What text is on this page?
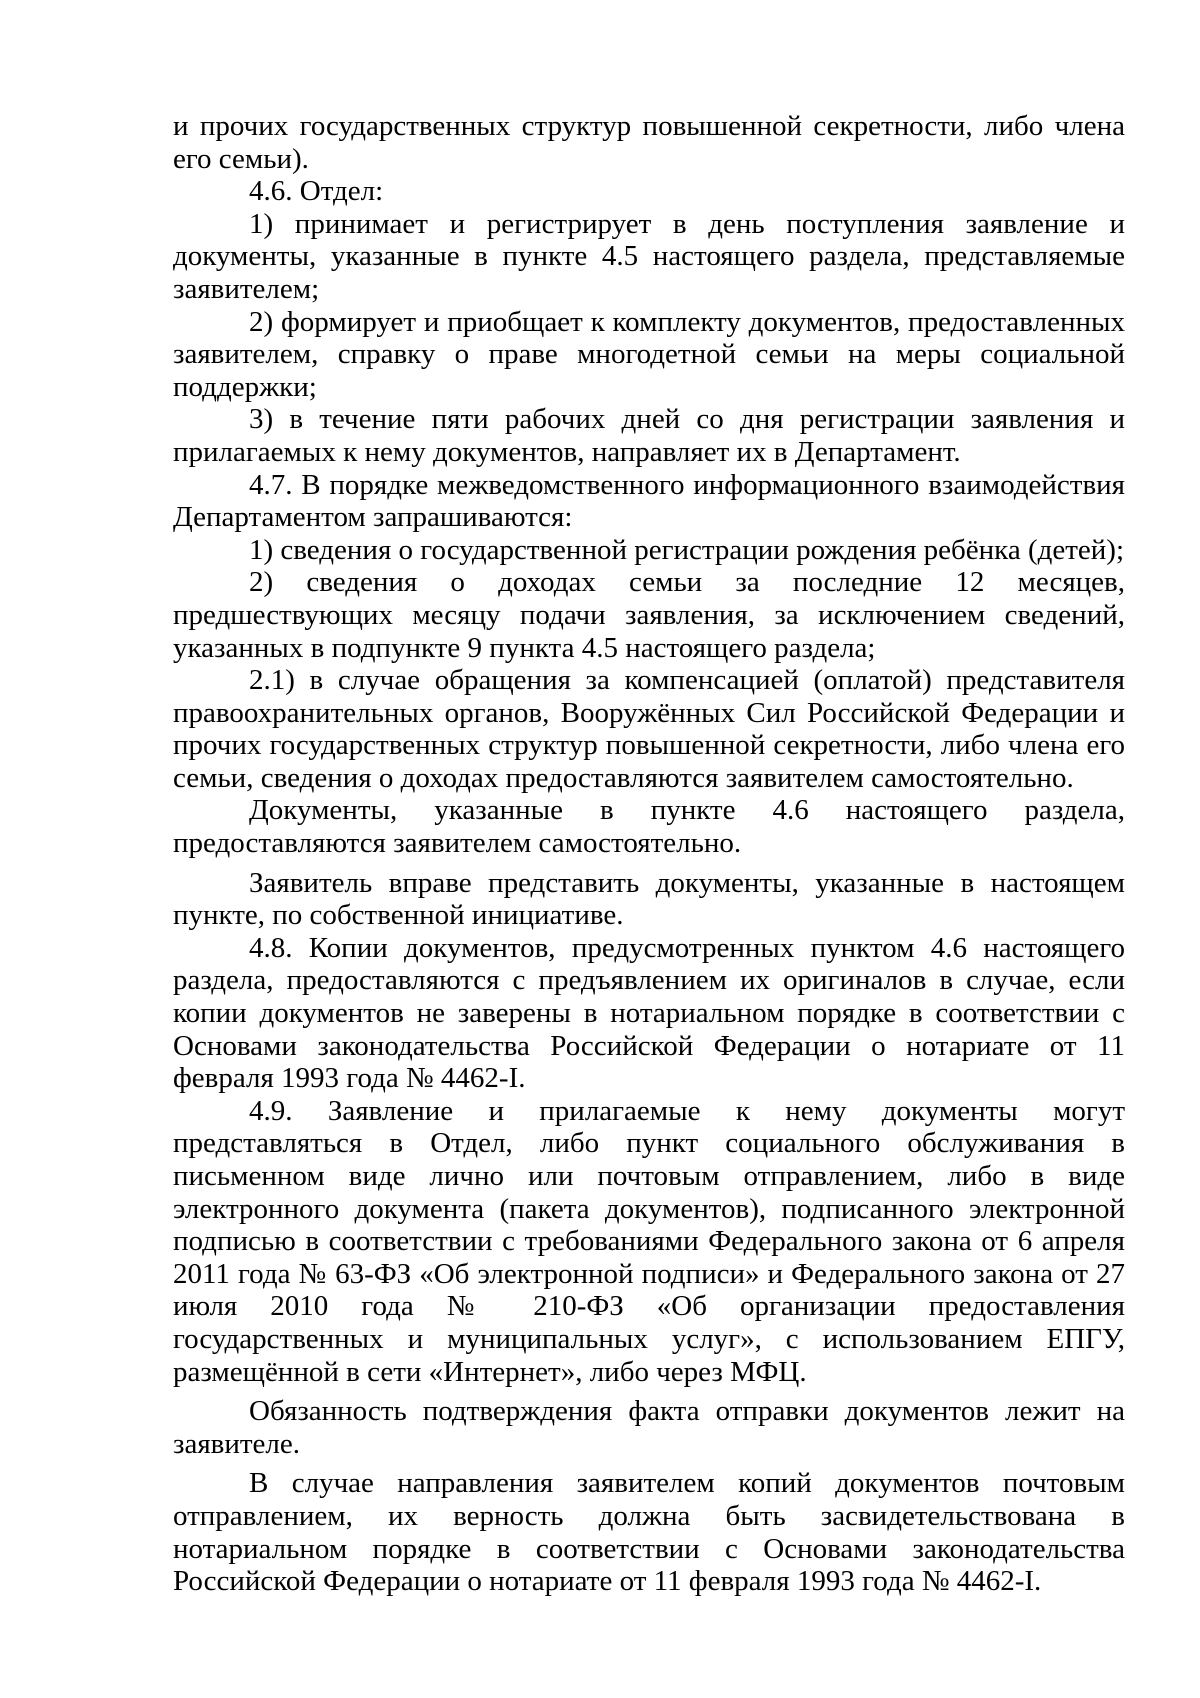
и прочих государственных структур повышенной секретности, либо члена его семьи).

4.6. Отдел:

1) принимает и регистрирует в день поступления заявление и документы, указанные в пункте 4.5 настоящего раздела, представляемые заявителем;

2) формирует и приобщает к комплекту документов, предоставленных заявителем, справку о праве многодетной семьи на меры социальной поддержки;

3) в течение пяти рабочих дней со дня регистрации заявления и прилагаемых к нему документов, направляет их в Департамент.

4.7. В порядке межведомственного информационного взаимодействия Департаментом запрашиваются:

1) сведения о государственной регистрации рождения ребёнка (детей);

2) сведения о доходах семьи за последние 12 месяцев, предшествующих месяцу подачи заявления, за исключением сведений, указанных в подпункте 9 пункта 4.5 настоящего раздела;

2.1) в случае обращения за компенсацией (оплатой) представителя правоохранительных органов, Вооружённых Сил Российской Федерации и прочих государственных структур повышенной секретности, либо члена его семьи, сведения о доходах предоставляются заявителем самостоятельно.

Документы, указанные в пункте 4.6 настоящего раздела, предоставляются заявителем самостоятельно.

Заявитель вправе представить документы, указанные в настоящем пункте, по собственной инициативе.

4.8. Копии документов, предусмотренных пунктом 4.6 настоящего раздела, предоставляются с предъявлением их оригиналов в случае, если копии документов не заверены в нотариальном порядке в соответствии с Основами законодательства Российской Федерации о нотариате от 11 февраля 1993 года № 4462-I.

4.9. Заявление и прилагаемые к нему документы могут представляться в Отдел, либо пункт социального обслуживания в письменном виде лично или почтовым отправлением, либо в виде электронного документа (пакета документов), подписанного электронной подписью в соответствии с требованиями Федерального закона от 6 апреля 2011 года № 63-ФЗ «Об электронной подписи» и Федерального закона от 27 июля 2010 года № 210-ФЗ «Об организации предоставления государственных и муниципальных услуг», с использованием ЕПГУ, размещённой в сети «Интернет», либо через МФЦ.

Обязанность подтверждения факта отправки документов лежит на заявителе.

В случае направления заявителем копий документов почтовым отправлением, их верность должна быть засвидетельствована в нотариальном порядке в соответствии с Основами законодательства Российской Федерации о нотариате от 11 февраля 1993 года № 4462-I.
